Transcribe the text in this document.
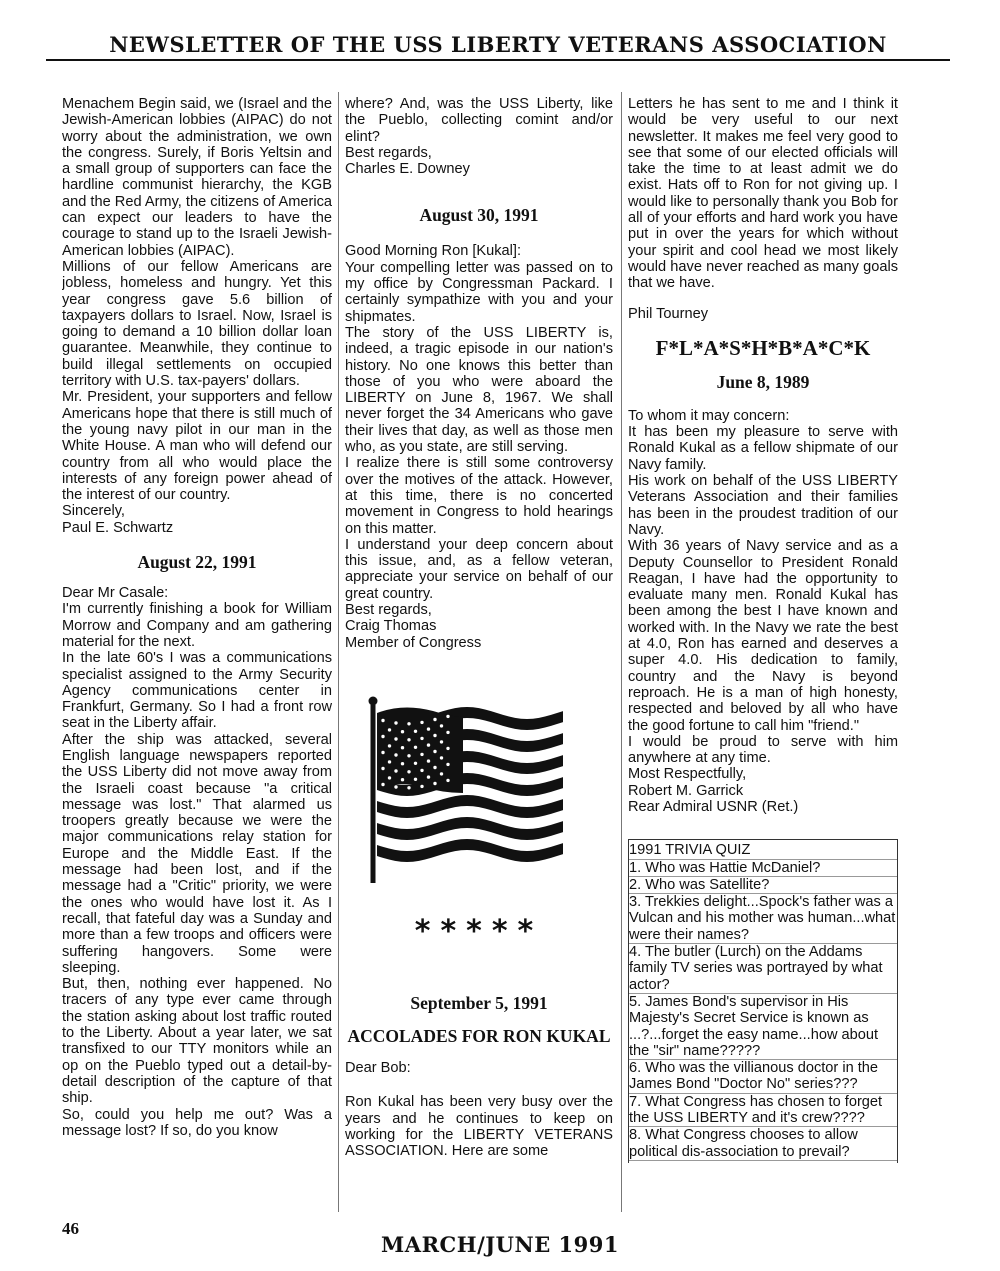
NEWSLETTER OF THE USS LIBERTY VETERANS ASSOCIATION

Menachem Begin said, we (Israel and the Jewish-American lobbies (AIPAC) do not worry about the administration, we own the congress. Surely, if Boris Yeltsin and a small group of supporters can face the hardline communist hierarchy, the KGB and the Red Army, the citizens of America can expect our leaders to have the courage to stand up to the Israeli Jewish-American lobbies (AIPAC).

Millions of our fellow Americans are jobless, homeless and hungry. Yet this year congress gave 5.6 billion of taxpayers dollars to Israel. Now, Israel is going to demand a 10 billion dollar loan guarantee. Meanwhile, they continue to build illegal settlements on occupied territory with U.S. tax-payers' dollars.

Mr. President, your supporters and fellow Americans hope that there is still much of the young navy pilot in our man in the White House. A man who will defend our country from all who would place the interests of any foreign power ahead of the interest of our country.

Sincerely,

Paul E. Schwartz

August 22, 1991

Dear Mr Casale:

I'm currently finishing a book for William Morrow and Company and am gathering material for the next.

In the late 60's I was a communications specialist assigned to the Army Security Agency communications center in Frankfurt, Germany. So I had a front row seat in the Liberty affair.

After the ship was attacked, several English language newspapers reported the USS Liberty did not move away from the Israeli coast because "a critical message was lost." That alarmed us troopers greatly because we were the major communications relay station for Europe and the Middle East. If the message had been lost, and if the message had a "Critic" priority, we were the ones who would have lost it. As I recall, that fateful day was a Sunday and more than a few troops and officers were suffering hangovers. Some were sleeping.

But, then, nothing ever happened. No tracers of any type ever came through the station asking about lost traffic routed to the Liberty. About a year later, we sat transfixed to our TTY monitors while an op on the Pueblo typed out a detail-by-detail description of the capture of that ship.

So, could you help me out? Was a message lost? If so, do you know

where? And, was the USS Liberty, like the Pueblo, collecting comint and/or elint?

Best regards,

Charles E. Downey

August 30, 1991

Good Morning Ron [Kukal]:

Your compelling letter was passed on to my office by Congressman Packard. I certainly sympathize with you and your shipmates.

The story of the USS LIBERTY is, indeed, a tragic episode in our nation's history. No one knows this better than those of you who were aboard the LIBERTY on June 8, 1967. We shall never forget the 34 Americans who gave their lives that day, as well as those men who, as you state, are still serving.

I realize there is still some controversy over the motives of the attack. However, at this time, there is no concerted movement in Congress to hold hearings on this matter.

I understand your deep concern about this issue, and, as a fellow veteran, appreciate your service on behalf of our great country.

Best regards,

Craig Thomas

Member of Congress

*****
September 5, 1991
ACCOLADES FOR RON KUKAL

Dear Bob:

Ron Kukal has been very busy over the years and he continues to keep on working for the LIBERTY VETERANS ASSOCIATION. Here are some

Letters he has sent to me and I think it would be very useful to our next newsletter. It makes me feel very good to see that some of our elected officials will take the time to at least admit we do exist. Hats off to Ron for not giving up. I would like to personally thank you Bob for all of your efforts and hard work you have put in over the years for which without your spirit and cool head we most likely would have never reached as many goals that we have.

Phil Tourney

F*L*A*S*H*B*A*C*K
June 8, 1989

To whom it may concern:

It has been my pleasure to serve with Ronald Kukal as a fellow shipmate of our Navy family.

His work on behalf of the USS LIBERTY Veterans Association and their families has been in the proudest tradition of our Navy.

With 36 years of Navy service and as a Deputy Counsellor to President Ronald Reagan, I have had the opportunity to evaluate many men. Ronald Kukal has been among the best I have known and worked with. In the Navy we rate the best at 4.0, Ron has earned and deserves a super 4.0. His dedication to family, country and the Navy is beyond reproach. He is a man of high honesty, respected and beloved by all who have the good fortune to call him "friend."

I would be proud to serve with him anywhere at any time.

Most Respectfully,

Robert M. Garrick

Rear Admiral USNR (Ret.)

1991 TRIVIA QUIZ

1. Who was Hattie McDaniel?

2. Who was Satellite?

3. Trekkies delight...Spock's father was a Vulcan and his mother was human...what were their names?

4. The butler (Lurch) on the Addams family TV series was portrayed by what actor?

5. James Bond's supervisor in His Majesty's Secret Service is known as ...?...forget the easy name...how about the "sir" name?????

6. Who was the villianous doctor in the James Bond "Doctor No" series???

7. What Congress has chosen to forget the USS LIBERTY and it's crew????

8. What Congress chooses to allow political dis-association to prevail?

46
MARCH/JUNE 1991
